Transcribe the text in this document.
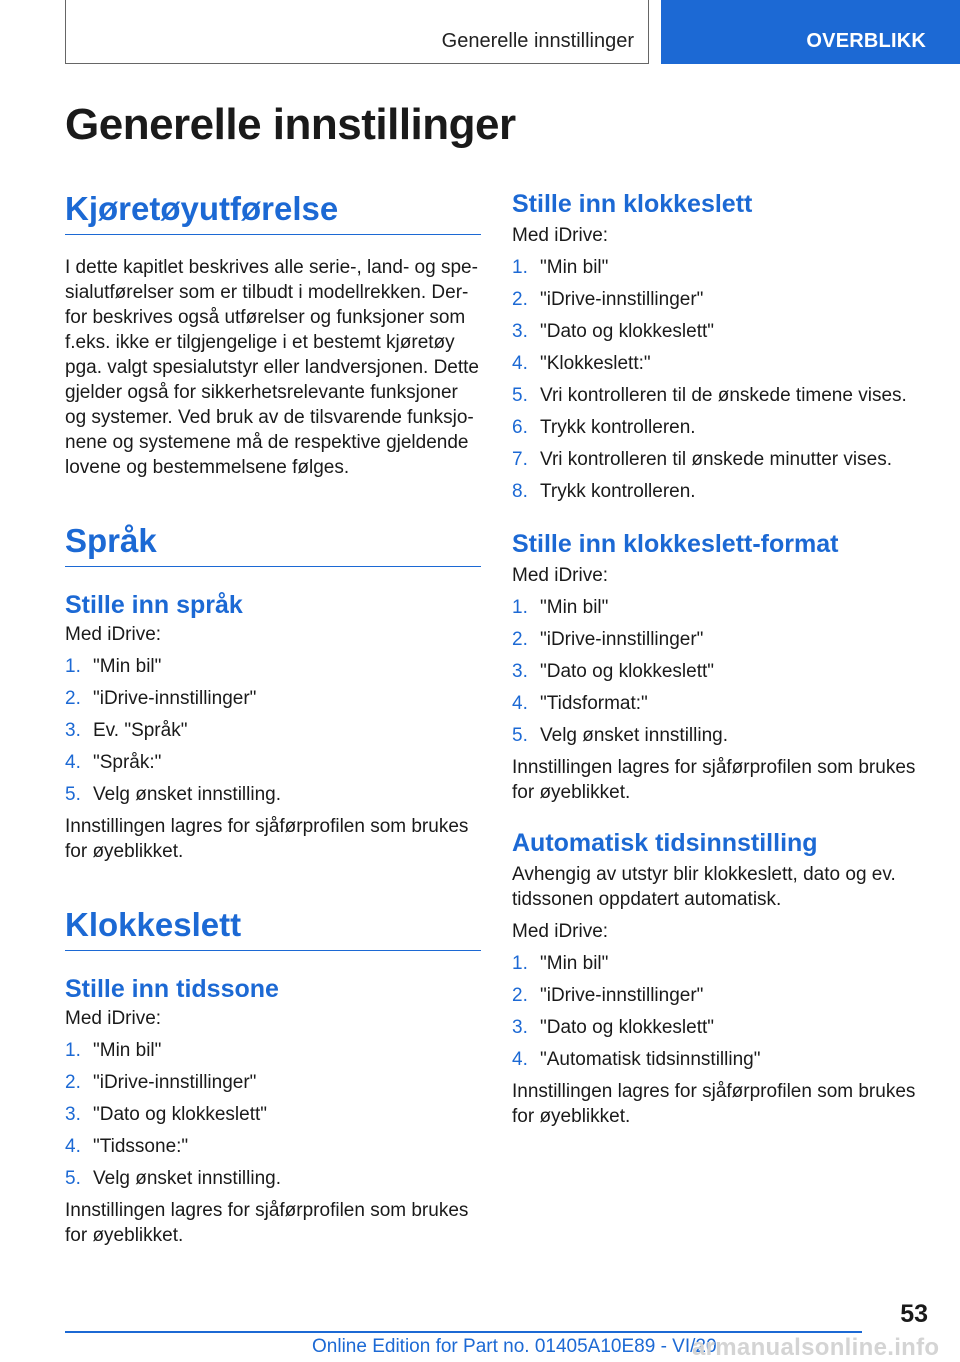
Generelle innstillinger	OVERBLIKK
Generelle innstillinger
Kjøretøyutførelse

I dette kapitlet beskrives alle serie-, land- og spe- sialutførelser som er tilbudt i modellrekken. Der- for beskrives også utførelser og funksjoner som f.eks. ikke er tilgjengelige i et bestemt kjøretøy pga. valgt spesialutstyr eller landversjonen. Dette gjelder også for sikkerhetsrelevante funksjoner og systemer. Ved bruk av de tilsvarende funksjo- nene og systemene må de respektive gjeldende lovene og bestemmelsene følges.

Språk
Stille inn språk

Med iDrive:

1. "Min bil"
2. "iDrive-innstillinger"
3. Ev. "Språk"
4. "Språk:"
5. Velg ønsket innstilling.

Innstillingen lagres for sjåførprofilen som brukes for øyeblikket.

Klokkeslett
Stille inn tidssone

Med iDrive:

1. "Min bil"
2. "iDrive-innstillinger"
3. "Dato og klokkeslett"
4. "Tidssone:"
5. Velg ønsket innstilling.

Innstillingen lagres for sjåførprofilen som brukes for øyeblikket.

Stille inn klokkeslett

Med iDrive:

1. "Min bil"
2. "iDrive-innstillinger"
3. "Dato og klokkeslett"
4. "Klokkeslett:"
5. Vri kontrolleren til de ønskede timene vises.
6. Trykk kontrolleren.
7. Vri kontrolleren til ønskede minutter vises.
8. Trykk kontrolleren.
Stille inn klokkeslett-format

Med iDrive:

1. "Min bil"
2. "iDrive-innstillinger"
3. "Dato og klokkeslett"
4. "Tidsformat:"
5. Velg ønsket innstilling.

Innstillingen lagres for sjåførprofilen som brukes for øyeblikket.

Automatisk tidsinnstilling

Avhengig av utstyr blir klokkeslett, dato og ev. tidssonen oppdatert automatisk.

Med iDrive:

1. "Min bil"
2. "iDrive-innstillinger"
3. "Dato og klokkeslett"
4. "Automatisk tidsinnstilling"

Innstillingen lagres for sjåførprofilen som brukes for øyeblikket.

53
Online Edition for Part no. 01405A10E89 - VI/20
armanualsonline.info
